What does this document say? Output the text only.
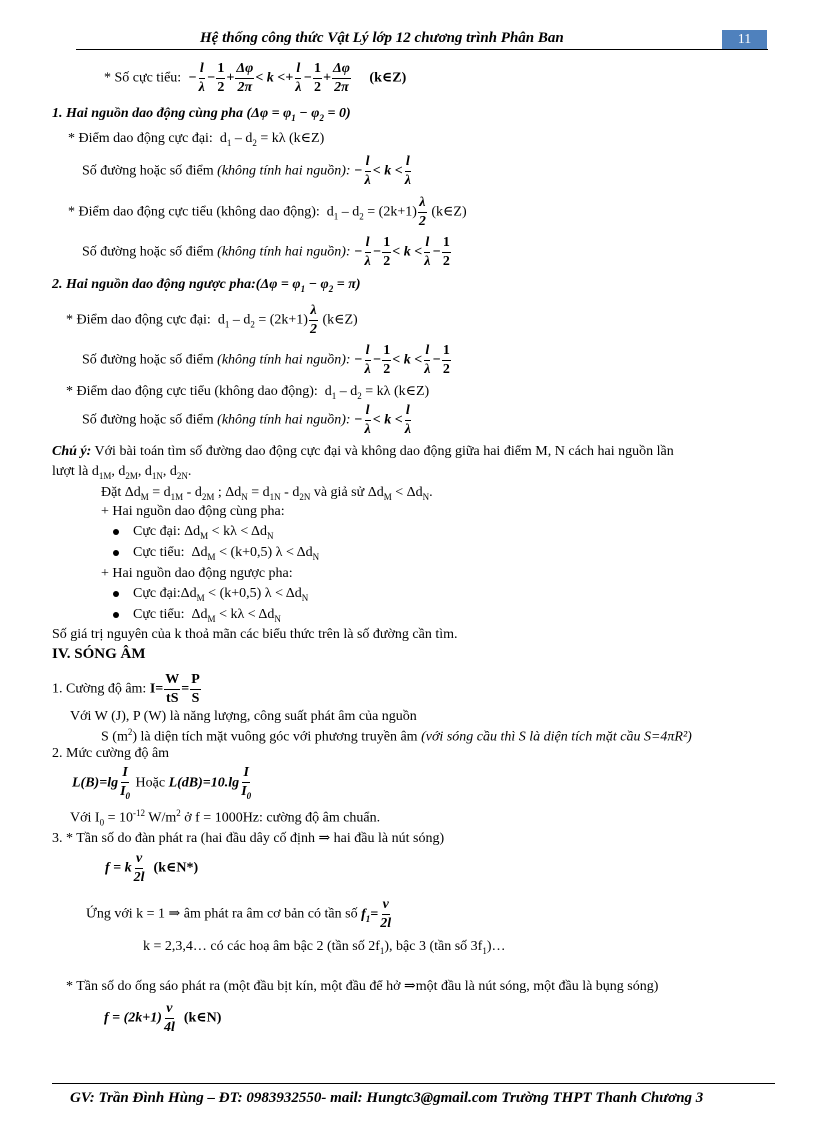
Hệ thống công thức Vật Lý lớp 12 chương trình Phân Ban	11
* Số cực tiểu: − $\frac{l}{\lambda} - \frac{1}{2} + \frac{\Delta\varphi}{2\pi} < k <+ \frac{l}{\lambda} - \frac{1}{2} + \frac{\Delta\varphi}{2\pi}$ (k∈Z)
1. Hai nguồn dao động cùng pha $(\Delta\varphi = \varphi_1 - \varphi_2 = 0)$
* Điểm dao động cực đại:  $d_1 - d_2 = k\lambda$ (k∈Z)
Số đường hoặc số điểm (không tính hai nguồn): − $\frac{l}{\lambda} < k < \frac{l}{\lambda}$
* Điểm dao động cực tiểu (không dao động):  $d_1 - d_2 = (2k+1) \frac{\lambda}{2}$ (k∈Z)
Số đường hoặc số điểm (không tính hai nguồn): − $\frac{l}{\lambda} - \frac{1}{2} < k < \frac{l}{\lambda} - \frac{1}{2}$
2. Hai nguồn dao động ngược pha:(Δφ = $\varphi_1 - \varphi_2 = \pi$)
* Điểm dao động cực đại:  $d_1 - d_2 = (2k+1) \frac{\lambda}{2}$ (k∈Z)
Số đường hoặc số điểm (không tính hai nguồn): − $\frac{l}{\lambda} - \frac{1}{2} < k < \frac{l}{\lambda} - \frac{1}{2}$
* Điểm dao động cực tiểu (không dao động):  $d_1 - d_2 = k\lambda$ (k∈Z)
Số đường hoặc số điểm (không tính hai nguồn): − $\frac{l}{\lambda} < k < \frac{l}{\lambda}$
Chú ý: Với bài toán tìm số đường dao động cực đại và không dao động giữa hai điểm M, N cách hai nguồn lần
lượt là $d_{1M}$, $d_{2M}$, $d_{1N}$, $d_{2N}$.
Đặt $\Delta d_M = d_{1M} - d_{2M}$ ; $\Delta d_N = d_{1N} - d_{2N}$ và giả sử $\Delta d_M < \Delta d_N$.
+ Hai nguồn dao động cùng pha:
Cực đại: $\Delta d_M < k\lambda < \Delta d_N$
Cực tiểu:  $\Delta d_M < (k+0,5) \lambda < \Delta d_N$
+ Hai nguồn dao động ngược pha:
Cực $đại:\Delta d_M < (k+0,5) \lambda < \Delta d_N$
Cực tiểu:  $\Delta d_M < k\lambda < \Delta d_N$
Số giá trị nguyên của k thoả mãn các biểu thức trên là số đường cần tìm.
IV. SÓNG ÂM
1. Cường độ âm: $I= \frac{W}{tS} = \frac{P}{S}$
Với W (J), P (W) là năng lượng, công suất phát âm của nguồn
S $(m^2)$ là diện tích mặt vuông góc với phương truyền âm (với sóng cầu thì S là diện tích mặt cầu S=4πR²)
2. Mức cường độ âm
$L(B)=\lg \frac{I}{I_0}$ Hoặc $L(dB)=10.\lg \frac{I}{I_0}$
Với $I_0 = 10^{-12}$ $W/m^2$ ở f = 1000Hz: cường độ âm chuẩn.
3. * Tần số do đàn phát ra (hai đầu dây cố định ⇒ hai đầu là nút sóng)
f = k $\frac{v}{2l}$ (k∈N*)
Ứng với k = 1 ⇒ âm phát ra âm cơ bản có tần số $f_1= \frac{v}{2l}$
k = 2,3,4… có các hoạ âm bậc 2 (tần số $2f_1$), bậc 3 (tần số $3f_1)\dots$
* Tần số do ống sáo phát ra (một đầu bịt kín, một đầu để hở ⇒một đầu là nút sóng, một đầu là bụng sóng)
$f = (2k+1) \frac{v}{4l}$ (k∈N)
GV: Trần Đình Hùng – ĐT: 0983932550- mail: Hungtc3@gmail.com Trường THPT Thanh Chương 3
